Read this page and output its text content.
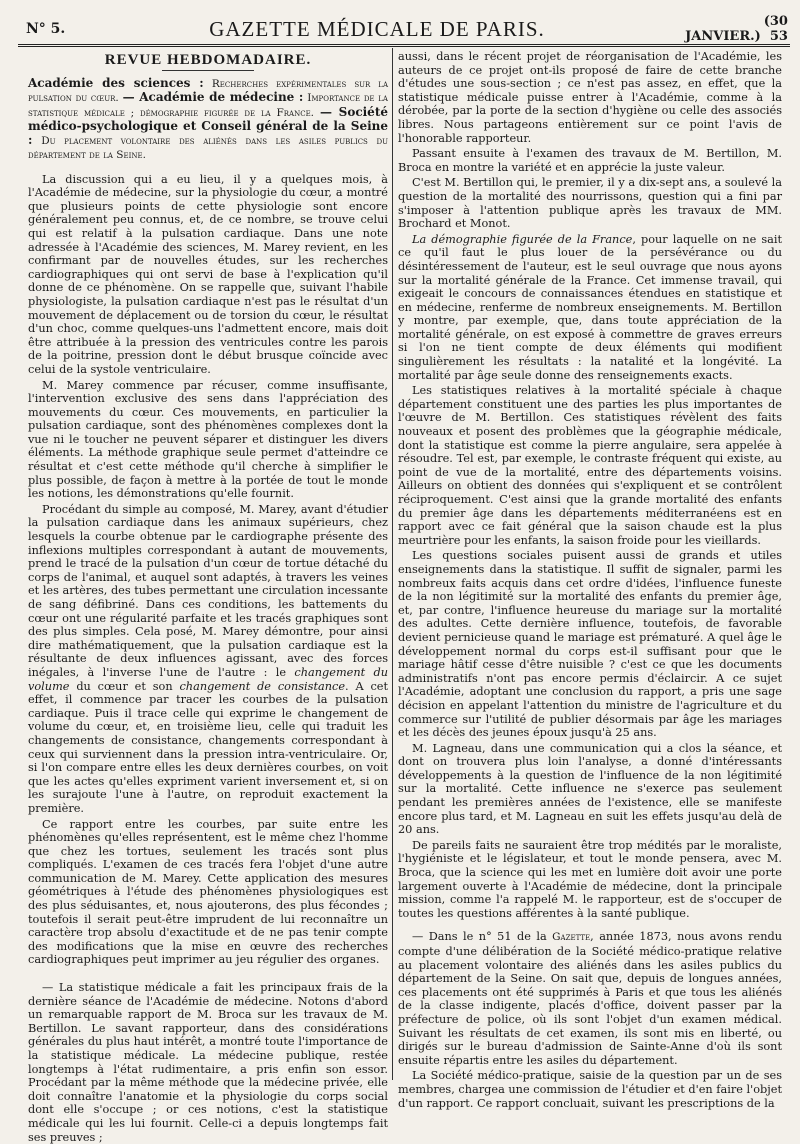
N° 5.	GAZETTE MÉDICALE DE PARIS.	(30 JANVIER.) 53
REVUE HEBDOMADAIRE.

Académie des sciences : Recherches expérimentales sur la pulsation du cœur. — Académie de médecine : Importance de la statistique médicale ; démographie figurée de la France. — Société médico-psychologique et Conseil général de la Seine : Du placement volontaire des aliénés dans les asiles publics du département de la Seine.

La discussion qui a eu lieu, il y a quelques mois, à l'Académie de médecine, sur la physiologie du cœur, a montré que plusieurs points de cette physiologie sont encore généralement peu connus, et, de ce nombre, se trouve celui qui est relatif à la pulsation cardiaque. Dans une note adressée à l'Académie des sciences, M. Marey revient, en les confirmant par de nouvelles études, sur les recherches cardiographiques qui ont servi de base à l'explication qu'il donne de ce phénomène. On se rappelle que, suivant l'habile physiologiste, la pulsation cardiaque n'est pas le résultat d'un mouvement de déplacement ou de torsion du cœur, le résultat d'un choc, comme quelques-uns l'admettent encore, mais doit être attribuée à la pression des ventricules contre les parois de la poitrine, pression dont le début brusque coïncide avec celui de la systole ventriculaire.

M. Marey commence par récuser, comme insuffisante, l'intervention exclusive des sens dans l'appréciation des mouvements du cœur. Ces mouvements, en particulier la pulsation cardiaque, sont des phénomènes complexes dont la vue ni le toucher ne peuvent séparer et distinguer les divers éléments. La méthode graphique seule permet d'atteindre ce résultat et c'est cette méthode qu'il cherche à simplifier le plus possible, de façon à mettre à la portée de tout le monde les notions, les démonstrations qu'elle fournit.

Procédant du simple au composé, M. Marey, avant d'étudier la pulsation cardiaque dans les animaux supérieurs, chez lesquels la courbe obtenue par le cardiographe présente des inflexions multiples correspondant à autant de mouvements, prend le tracé de la pulsation d'un cœur de tortue détaché du corps de l'animal, et auquel sont adaptés, à travers les veines et les artères, des tubes permettant une circulation incessante de sang défibriné. Dans ces conditions, les battements du cœur ont une régularité parfaite et les tracés graphiques sont des plus simples. Cela posé, M. Marey démontre, pour ainsi dire mathématiquement, que la pulsation cardiaque est la résultante de deux influences agissant, avec des forces inégales, à l'inverse l'une de l'autre : le changement du volume du cœur et son changement de consistance. A cet effet, il commence par tracer les courbes de la pulsation cardiaque. Puis il trace celle qui exprime le changement de volume du cœur, et, en troisième lieu, celle qui traduit les changements de consistance, changements correspondant à ceux qui surviennent dans la pression intra-ventriculaire. Or, si l'on compare entre elles les deux dernières courbes, on voit que les actes qu'elles expriment varient inversement et, si on les surajoute l'une à l'autre, on reproduit exactement la première.

Ce rapport entre les courbes, par suite entre les phénomènes qu'elles représentent, est le même chez l'homme que chez les tortues, seulement les tracés sont plus compliqués. L'examen de ces tracés fera l'objet d'une autre communication de M. Marey. Cette application des mesures géométriques à l'étude des phénomènes physiologiques est des plus séduisantes, et, nous ajouterons, des plus fécondes ; toutefois il serait peut-être imprudent de lui reconnaître un caractère trop absolu d'exactitude et de ne pas tenir compte des modifications que la mise en œuvre des recherches cardiographiques peut imprimer au jeu régulier des organes.

— La statistique médicale a fait les principaux frais de la dernière séance de l'Académie de médecine. Notons d'abord un remarquable rapport de M. Broca sur les travaux de M. Bertillon. Le savant rapporteur, dans des considérations générales du plus haut intérêt, a montré toute l'importance de la statistique médicale. La médecine publique, restée longtemps à l'état rudimentaire, a pris enfin son essor. Procédant par la même méthode que la médecine privée, elle doit connaître l'anatomie et la physiologie du corps social dont elle s'occupe ; or ces notions, c'est la statistique médicale qui les lui fournit. Celle-ci a depuis longtemps fait ses preuves ;

aussi, dans le récent projet de réorganisation de l'Académie, les auteurs de ce projet ont-ils proposé de faire de cette branche d'études une sous-section ; ce n'est pas assez, en effet, que la statistique médicale puisse entrer à l'Académie, comme à la dérobée, par la porte de la section d'hygiène ou celle des associés libres. Nous partageons entièrement sur ce point l'avis de l'honorable rapporteur.

Passant ensuite à l'examen des travaux de M. Bertillon, M. Broca en montre la variété et en apprécie la juste valeur.

C'est M. Bertillon qui, le premier, il y a dix-sept ans, a soulevé la question de la mortalité des nourrissons, question qui a fini par s'imposer à l'attention publique après les travaux de MM. Brochard et Monot.

La démographie figurée de la France, pour laquelle on ne sait ce qu'il faut le plus louer de la persévérance ou du désintéressement de l'auteur, est le seul ouvrage que nous ayons sur la mortalité générale de la France. Cet immense travail, qui exigeait le concours de connaissances étendues en statistique et en médecine, renferme de nombreux enseignements. M. Bertillon y montre, par exemple, que, dans toute appréciation de la mortalité générale, on est exposé à commettre de graves erreurs si l'on ne tient compte de deux éléments qui modifient singulièrement les résultats : la natalité et la longévité. La mortalité par âge seule donne des renseignements exacts.

Les statistiques relatives à la mortalité spéciale à chaque département constituent une des parties les plus importantes de l'œuvre de M. Bertillon. Ces statistiques révèlent des faits nouveaux et posent des problèmes que la géographie médicale, dont la statistique est comme la pierre angulaire, sera appelée à résoudre. Tel est, par exemple, le contraste fréquent qui existe, au point de vue de la mortalité, entre des départements voisins. Ailleurs on obtient des données qui s'expliquent et se contrôlent réciproquement. C'est ainsi que la grande mortalité des enfants du premier âge dans les départements méditerranéens est en rapport avec ce fait général que la saison chaude est la plus meurtrière pour les enfants, la saison froide pour les vieillards.

Les questions sociales puisent aussi de grands et utiles enseignements dans la statistique. Il suffit de signaler, parmi les nombreux faits acquis dans cet ordre d'idées, l'influence funeste de la non légitimité sur la mortalité des enfants du premier âge, et, par contre, l'influence heureuse du mariage sur la mortalité des adultes. Cette dernière influence, toutefois, de favorable devient pernicieuse quand le mariage est prématuré. A quel âge le développement normal du corps est-il suffisant pour que le mariage hâtif cesse d'être nuisible ? c'est ce que les documents administratifs n'ont pas encore permis d'éclaircir. A ce sujet l'Académie, adoptant une conclusion du rapport, a pris une sage décision en appelant l'attention du ministre de l'agriculture et du commerce sur l'utilité de publier désormais par âge les mariages et les décès des jeunes époux jusqu'à 25 ans.

M. Lagneau, dans une communication qui a clos la séance, et dont on trouvera plus loin l'analyse, a donné d'intéressants développements à la question de l'influence de la non légitimité sur la mortalité. Cette influence ne s'exerce pas seulement pendant les premières années de l'existence, elle se manifeste encore plus tard, et M. Lagneau en suit les effets jusqu'au delà de 20 ans.

De pareils faits ne sauraient être trop médités par le moraliste, l'hygiéniste et le législateur, et tout le monde pensera, avec M. Broca, que la science qui les met en lumière doit avoir une porte largement ouverte à l'Académie de médecine, dont la principale mission, comme l'a rappelé M. le rapporteur, est de s'occuper de toutes les questions afférentes à la santé publique.

— Dans le n° 51 de la Gazette, année 1873, nous avons rendu compte d'une délibération de la Société médico-pratique relative au placement volontaire des aliénés dans les asiles publics du département de la Seine. On sait que, depuis de longues années, ces placements ont été supprimés à Paris et que tous les aliénés de la classe indigente, placés d'office, doivent passer par la préfecture de police, où ils sont l'objet d'un examen médical. Suivant les résultats de cet examen, ils sont mis en liberté, ou dirigés sur le bureau d'admission de Sainte-Anne d'où ils sont ensuite répartis entre les asiles du département.

La Société médico-pratique, saisie de la question par un de ses membres, chargea une commission de l'étudier et d'en faire l'objet d'un rapport. Ce rapport concluait, suivant les prescriptions de la
